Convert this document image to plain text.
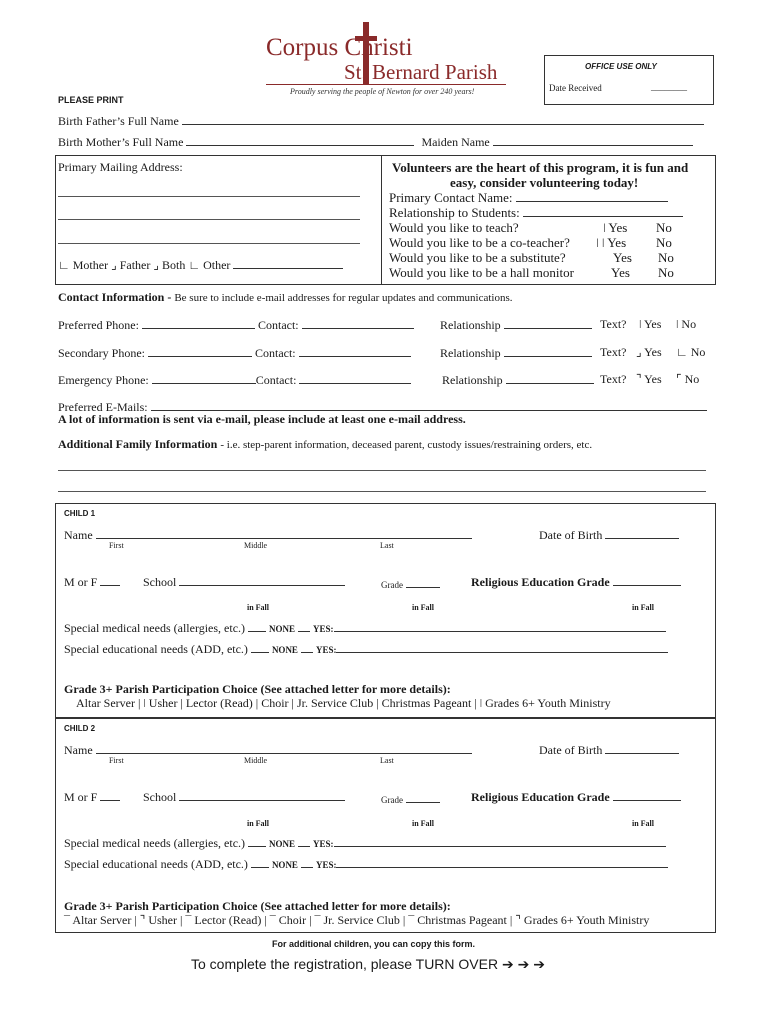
Corpus Christi
St. Bernard Parish
Proudly serving the people of Newton for over 240 years!
OFFICE USE ONLY
Date Received	________
PLEASE PRINT
Birth Father’s Full Name
Birth Mother’s Full Name	Maiden Name
Primary Mailing Address:
∟ Mother ⌟ Father ⌟ Both ∟ Other
Volunteers are the heart of this program, it is fun and
easy, consider volunteering today!
Primary Contact Name:
Relationship to Students:
Would you like to teach?	ǀ Yes No
Would you like to be a co-teacher? ǀ ǀ Yes No
Would you like to be a substitute?	Yes No
Would you like to be a hall monitor	Yes No
Contact Information - Be sure to include e-mail addresses for regular updates and communications.
Preferred Phone:	Contact:	Relationship	Text? ǀ Yes ǀ No
Secondary Phone:	Contact:	Relationship	Text? ⌟ Yes ∟ No
Emergency Phone:	Contact:	Relationship	Text? ⌝ Yes ⌜ No
Preferred E-Mails:
A lot of information is sent via e-mail, please include at least one e-mail address.
Additional Family Information - i.e. step-parent information, deceased parent, custody issues/restraining orders, etc.
CHILD 1
Name
First	Middle	Last
Date of Birth
M or F	School	Grade	Religious Education Grade
in Fall	in Fall	in Fall
Special medical needs (allergies, etc.)	NONE YES:
Special educational needs (ADD, etc.)	NONE YES:
Grade 3+ Parish Participation Choice (See attached letter for more details):
Altar Server | ǀ Usher | Lector (Read) | Choir | Jr. Service Club | Christmas Pageant | ǀ Grades 6+ Youth Ministry
CHILD 2
Name
First	Middle	Last
Date of Birth
M or F	School	Grade	Religious Education Grade
in Fall	in Fall	in Fall
Special medical needs (allergies, etc.)	NONE YES:
Special educational needs (ADD, etc.)	NONE YES:
Grade 3+ Parish Participation Choice (See attached letter for more details):
¯ Altar Server | ⌝ Usher | ¯ Lector (Read) | ¯ Choir | ¯ Jr. Service Club | ¯ Christmas Pageant | ⌝ Grades 6+ Youth Ministry
For additional children, you can copy this form.
To complete the registration, please TURN OVER ➔ ➔ ➔
